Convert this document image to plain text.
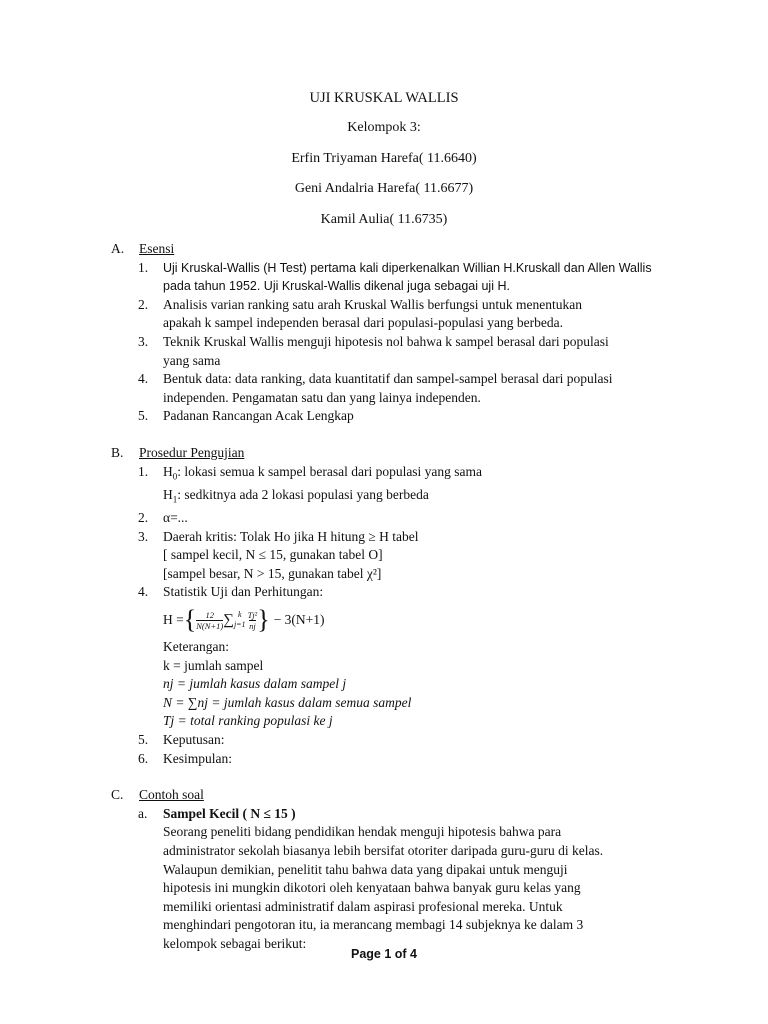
UJI KRUSKAL WALLIS
Kelompok 3:
Erfin Triyaman Harefa( 11.6640)
Geni Andalria Harefa( 11.6677)
Kamil Aulia( 11.6735)
A.	Esensi
1.	Uji Kruskal-Wallis (H Test) pertama kali diperkenalkan Willian H.Kruskall dan Allen Wallis
pada tahun 1952. Uji Kruskal-Wallis dikenal juga sebagai uji H.
2.	Analisis varian ranking satu arah Kruskal Wallis berfungsi untuk menentukan
apakah k sampel independen berasal dari populasi-populasi yang berbeda.
3.	Teknik Kruskal Wallis menguji hipotesis nol bahwa k sampel berasal dari populasi
yang sama
4.	Bentuk data: data ranking, data kuantitatif dan sampel-sampel berasal dari populasi
independen. Pengamatan satu dan yang lainya independen.
5.	Padanan Rancangan Acak Lengkap
B.	Prosedur Pengujian
1.	$H_0$: lokasi semua k sampel berasal dari populasi yang sama
$H_1$: sedkitnya ada 2 lokasi populasi yang berbeda
2.	α=...
3.	Daerah kritis: Tolak Ho jika H hitung ≥ H tabel
[ sampel kecil, N ≤ 15, gunakan tabel O]
[sampel besar, N > 15, gunakan tabel χ²]
4.	Statistik Uji dan Perhitungan:
H = { $\frac{12}{N(N+1)}$ ∑ k
$j=1 \frac{\text{Tj²}}{nj}$ } − 3(N+1)
Keterangan:
k = jumlah sampel
nj = jumlah kasus dalam sampel j
N = ∑nj = jumlah kasus dalam semua sampel
Tj = total ranking populasi ke j
5.	Keputusan:
6.	Kesimpulan:
C.	Contoh soal
a.	Sampel Kecil ( N ≤ 15 )
Seorang peneliti bidang pendidikan hendak menguji hipotesis bahwa para
administrator sekolah biasanya lebih bersifat otoriter daripada guru-guru di kelas.
Walaupun demikian, penelitit tahu bahwa data yang dipakai untuk menguji
hipotesis ini mungkin dikotori oleh kenyataan bahwa banyak guru kelas yang
memiliki orientasi administratif dalam aspirasi profesional mereka. Untuk
menghindari pengotoran itu, ia merancang membagi 14 subjeknya ke dalam 3
kelompok sebagai berikut:
Page 1 of 4
